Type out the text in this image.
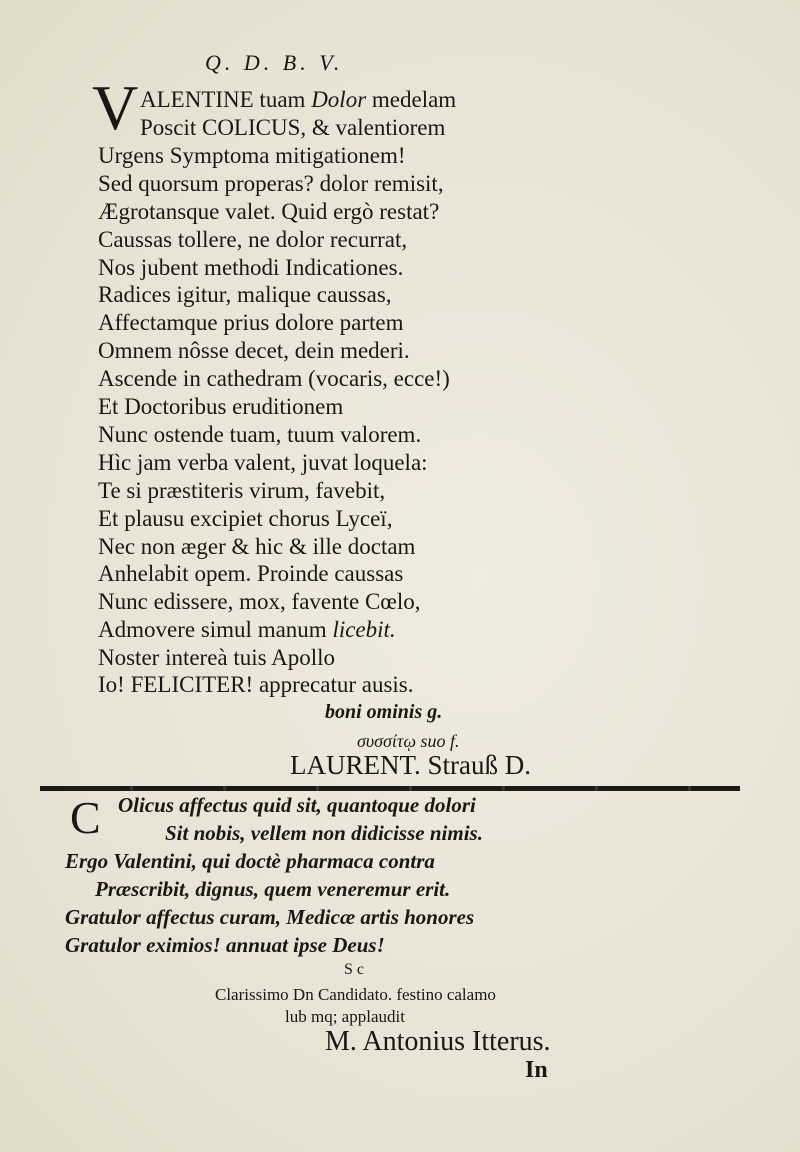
Q. D. B. V.
V ALENTINE tuam Dolor medelam
Poscit COLICUS, & valentiorem
Urgens Symptoma mitigationem!
Sed quorsum properas? dolor remisit,
Ægrotansque valet. Quid ergò restat?
Caussas tollere, ne dolor recurrat,
Nos jubent methodi Indicationes.
Radices igitur, malique caussas,
Affectamque prius dolore partem
Omnem nôsse decet, dein mederi.
Ascende in cathedram (vocaris, ecce!)
Et Doctoribus eruditionem
Nunc ostende tuam, tuum valorem.
Hìc jam verba valent, juvat loquela:
Te si præstiteris virum, favebit,
Et plausu excipiet chorus Lyceï,
Nec non æger & hic & ille doctam
Anhelabit opem. Proinde caussas
Nunc edissere, mox, favente Cœlo,
Admovere simul manum licebit.
Noster intereà tuis Apollo
Io! FELICITER! apprecatur ausis.
boni ominis g.
συσσίτῳ suo f.
LAURENT. Strauß D.
C Olicus affectus quid sit, quantoque dolori
Sit nobis, vellem non didicisse nimis.
Ergo Valentini, qui doctè pharmaca contra
Præscribit, dignus, quem veneremur erit.
Gratulor affectus curam, Medicæ artis honores
Gratulor eximios! annuat ipse Deus!
S c
Clarissimo Dn Candidato. festino calamo
lub mq; applaudit
M. Antonius Itterus.
In
